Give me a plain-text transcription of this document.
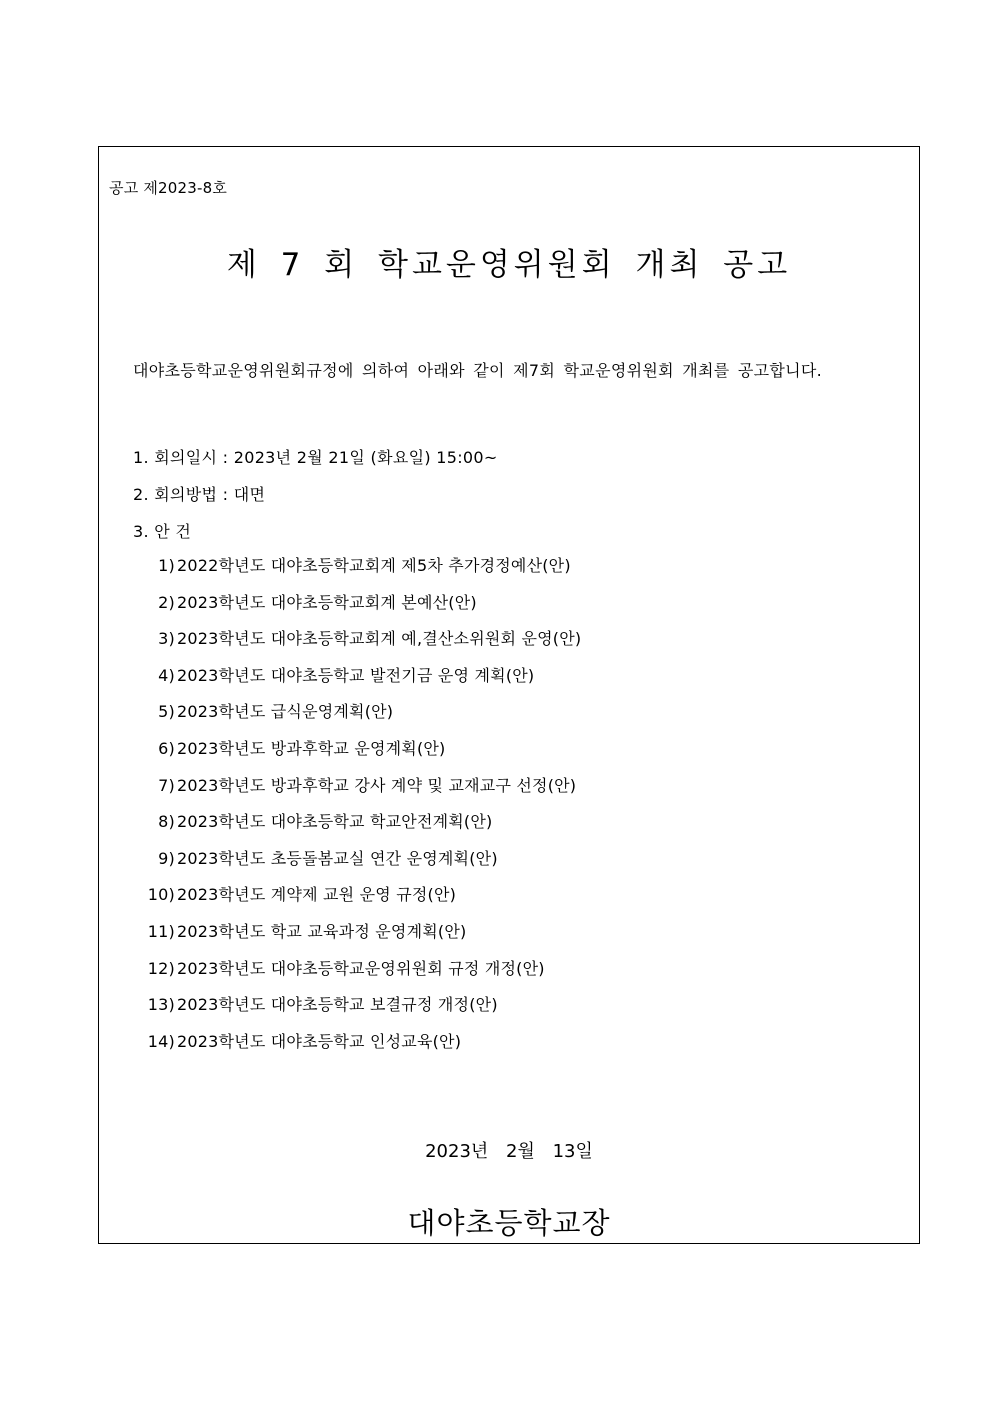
공고 제2023-8호
제 7 회 학교운영위원회 개최 공고
대야초등학교운영위원회규정에 의하여 아래와 같이 제7회 학교운영위원회 개최를 공고합니다.
1. 회의일시 : 2023년 2월 21일 (화요일) 15:00~
2. 회의방법 : 대면
3. 안 건
1) 2022학년도 대야초등학교회계 제5차 추가경정예산(안)
2) 2023학년도 대야초등학교회계 본예산(안)
3) 2023학년도 대야초등학교회계 예,결산소위원회 운영(안)
4) 2023학년도 대야초등학교 발전기금 운영 계획(안)
5) 2023학년도 급식운영계획(안)
6) 2023학년도 방과후학교 운영계획(안)
7) 2023학년도 방과후학교 강사 계약 및 교재교구 선정(안)
8) 2023학년도 대야초등학교 학교안전계획(안)
9) 2023학년도 초등돌봄교실 연간 운영계획(안)
10) 2023학년도 계약제 교원 운영 규정(안)
11) 2023학년도 학교 교육과정 운영계획(안)
12) 2023학년도 대야초등학교운영위원회 규정 개정(안)
13) 2023학년도 대야초등학교 보결규정 개정(안)
14) 2023학년도 대야초등학교 인성교육(안)
2023년 2월 13일
대야초등학교장
